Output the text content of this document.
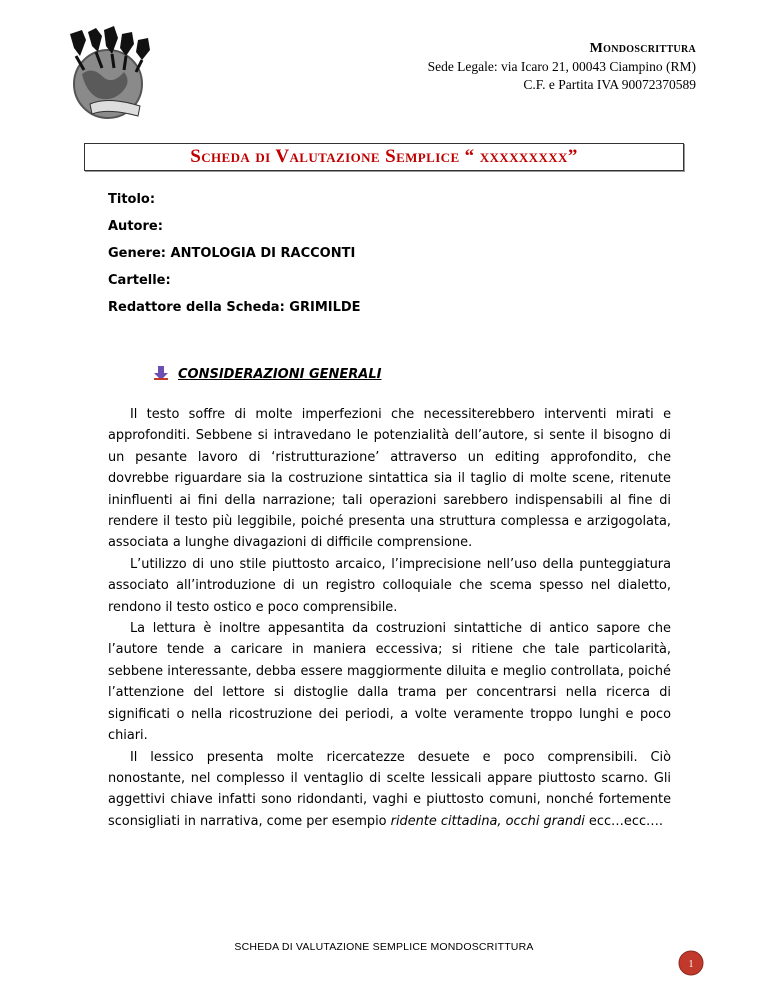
Mondoscrittura
Sede Legale: via Icaro 21, 00043 Ciampino (RM)
C.F. e Partita IVA 90072370589
Scheda di Valutazione Semplice “ xxxxxxxxx”
Titolo:
Autore:
Genere: ANTOLOGIA DI RACCONTI
Cartelle:
Redattore della Scheda: GRIMILDE
CONSIDERAZIONI GENERALI

Il testo soffre di molte imperfezioni che necessiterebbero interventi mirati e approfonditi. Sebbene si intravedano le potenzialità dell’autore, si sente il bisogno di un pesante lavoro di ‘ristrutturazione’ attraverso un editing approfondito, che dovrebbe riguardare sia la costruzione sintattica sia il taglio di molte scene, ritenute ininfluenti ai fini della narrazione; tali operazioni sarebbero indispensabili al fine di rendere il testo più leggibile, poiché presenta una struttura complessa e arzigogolata, associata a lunghe divagazioni di difficile comprensione.

L’utilizzo di uno stile piuttosto arcaico, l’imprecisione nell’uso della punteggiatura associato all’introduzione di un registro colloquiale che scema spesso nel dialetto, rendono il testo ostico e poco comprensibile.

La lettura è inoltre appesantita da costruzioni sintattiche di antico sapore che l’autore tende a caricare in maniera eccessiva; si ritiene che tale particolarità, sebbene interessante, debba essere maggiormente diluita e meglio controllata, poiché l’attenzione del lettore si distoglie dalla trama per concentrarsi nella ricerca di significati o nella ricostruzione dei periodi, a volte veramente troppo lunghi e poco chiari.

Il lessico presenta molte ricercatezze desuete e poco comprensibili. Ciò nonostante, nel complesso il ventaglio di scelte lessicali appare piuttosto scarno. Gli aggettivi chiave infatti sono ridondanti, vaghi e piuttosto comuni, nonché fortemente sconsigliati in narrativa, come per esempio ridente cittadina, occhi grandi ecc…ecc….

SCHEDA DI VALUTAZIONE SEMPLICE MONDOSCRITTURA
1
